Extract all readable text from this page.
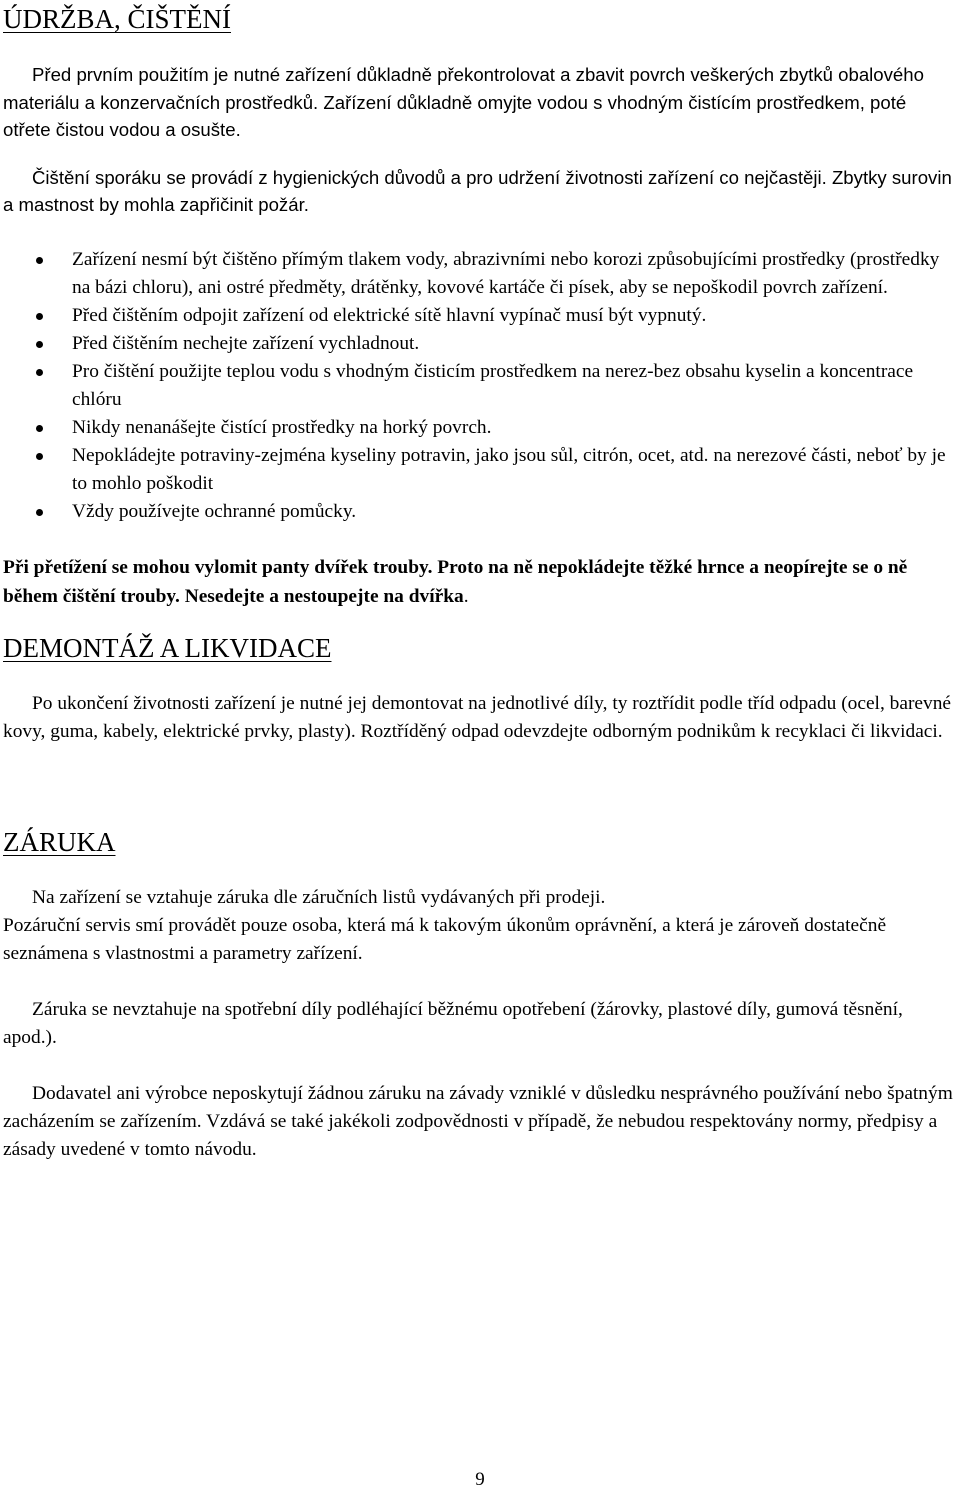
ÚDRŽBA, ČIŠTĚNÍ

Před prvním použitím je nutné zařízení důkladně překontrolovat a zbavit povrch veškerých zbytků obalového materiálu a konzervačních prostředků. Zařízení důkladně omyjte vodou s vhodným čistícím prostředkem, poté otřete čistou vodou a osušte.

Čištění sporáku se provádí z hygienických důvodů a pro udržení životnosti zařízení co nejčastěji. Zbytky surovin a mastnost by mohla zapřičinit požár.

Zařízení nesmí být čištěno přímým tlakem vody, abrazivními nebo korozi způsobujícími prostředky (prostředky na bázi chloru), ani ostré předměty, drátěnky, kovové kartáče či písek, aby se nepoškodil povrch zařízení.
Před čištěním odpojit zařízení od elektrické sítě hlavní vypínač musí být vypnutý.
Před čištěním nechejte zařízení vychladnout.
Pro čištění použijte teplou vodu s vhodným čisticím prostředkem na nerez-bez obsahu kyselin a koncentrace chlóru
Nikdy nenanášejte čistící prostředky na horký povrch.
Nepokládejte potraviny-zejména kyseliny potravin, jako jsou sůl, citrón, ocet, atd. na nerezové části, neboť by je to mohlo poškodit
Vždy používejte ochranné pomůcky.

Při přetížení se mohou vylomit panty dvířek trouby. Proto na ně nepokládejte těžké hrnce a neopírejte se o ně během čištění trouby. Nesedejte a nestoupejte na dvířka.

DEMONTÁŽ A LIKVIDACE

Po ukončení životnosti zařízení je nutné jej demontovat na jednotlivé díly, ty roztřídit podle tříd odpadu (ocel, barevné kovy, guma, kabely, elektrické prvky, plasty). Roztříděný odpad odevzdejte odborným podnikům k recyklaci či likvidaci.

ZÁRUKA

Na zařízení se vztahuje záruka dle záručních listů vydávaných při prodeji.

Pozáruční servis smí provádět pouze osoba, která má k takovým úkonům oprávnění, a která je zároveň dostatečně seznámena s vlastnostmi a parametry zařízení.

Záruka se nevztahuje na spotřební díly podléhající běžnému opotřebení (žárovky, plastové díly, gumová těsnění, apod.).

Dodavatel ani výrobce neposkytují žádnou záruku na závady vzniklé v důsledku nesprávného používání nebo špatným zacházením se zařízením. Vzdává se také jakékoli zodpovědnosti v případě, že nebudou respektovány normy, předpisy a zásady uvedené v tomto návodu.

9
